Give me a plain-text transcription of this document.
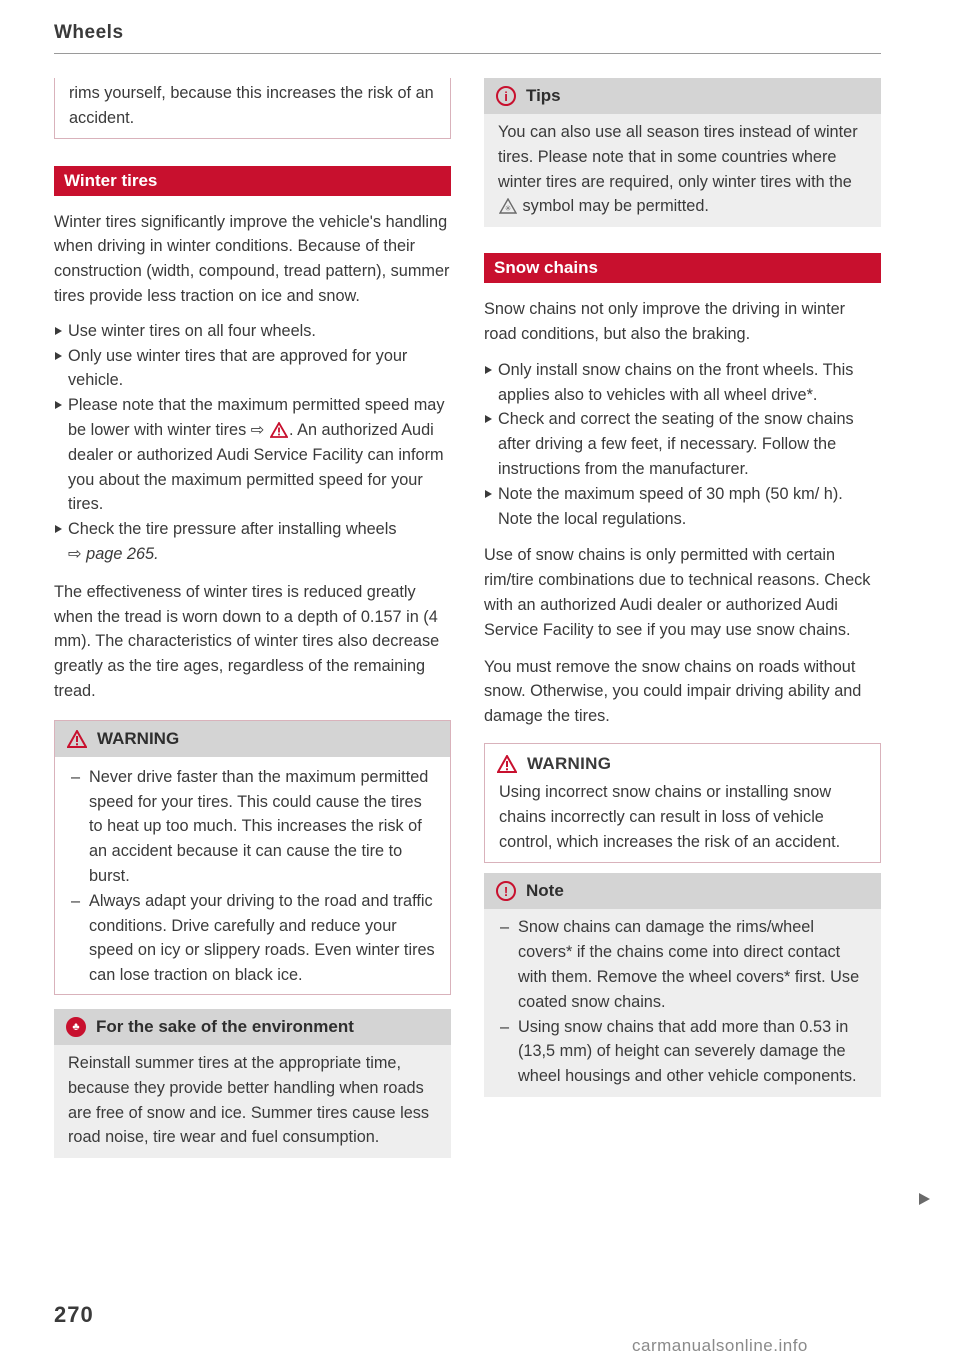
Wheels

rims yourself, because this increases the risk of an accident.

Winter tires

Winter tires significantly improve the vehicle's handling when driving in winter conditions. Because of their construction (width, compound, tread pattern), summer tires provide less traction on ice and snow.

Use winter tires on all four wheels.
Only use winter tires that are approved for your vehicle.
Please note that the maximum permitted speed may be lower with winter tires ⇨ . An authorized Audi dealer or authorized Audi Service Facility can inform you about the maximum permitted speed for your tires.
Check the tire pressure after installing wheels
⇨ page 265.

The effectiveness of winter tires is reduced greatly when the tread is worn down to a depth of 0.157 in (4 mm). The characteristics of winter tires also decrease greatly as the tire ages, regardless of the remaining tread.

WARNING
– Never drive faster than the maximum permitted speed for your tires. This could cause the tires to heat up too much. This increases the risk of an accident because it can cause the tire to burst.
– Always adapt your driving to the road and traffic conditions. Drive carefully and reduce your speed on icy or slippery roads. Even winter tires can lose traction on black ice.
♣ For the sake of the environment

Reinstall summer tires at the appropriate time, because they provide better handling when roads are free of snow and ice. Summer tires cause less road noise, tire wear and fuel consumption.

i	Tips

You can also use all season tires instead of winter tires. Please note that in some countries where winter tires are required, only winter tires with the
✳ symbol may be permitted.

Snow chains

Snow chains not only improve the driving in winter road conditions, but also the braking.

Only install snow chains on the front wheels. This applies also to vehicles with all wheel drive*.
Check and correct the seating of the snow chains after driving a few feet, if necessary. Follow the instructions from the manufacturer.
Note the maximum speed of 30 mph (50 km/ h). Note the local regulations.

Use of snow chains is only permitted with certain rim/tire combinations due to technical reasons. Check with an authorized Audi dealer or authorized Audi Service Facility to see if you may use snow chains.

You must remove the snow chains on roads without snow. Otherwise, you could impair driving ability and damage the tires.

WARNING

Using incorrect snow chains or installing snow chains incorrectly can result in loss of vehicle control, which increases the risk of an accident.

!	Note
– Snow chains can damage the rims/wheel covers* if the chains come into direct contact with them. Remove the wheel covers* first. Use coated snow chains.
– Using snow chains that add more than 0.53 in (13,5 mm) of height can severely damage the wheel housings and other vehicle components.
270
carmanualsonline.info
